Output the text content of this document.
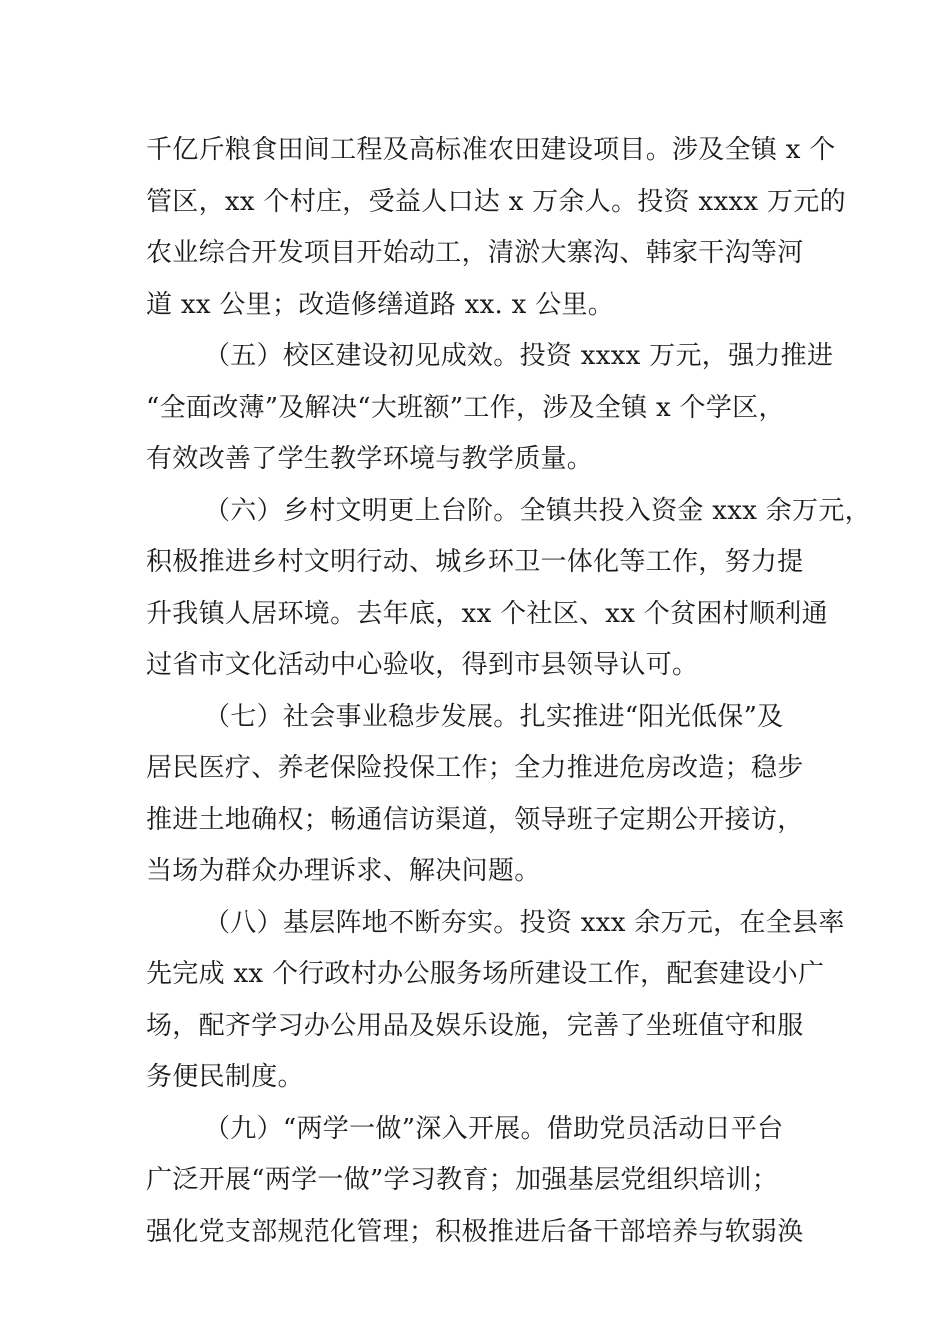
千亿斤粮食田间工程及高标准农田建设项目。涉及全镇 x 个
管区，xx 个村庄，受益人口达 x 万余人。投资 xxxx 万元的
农业综合开发项目开始动工，清淤大寨沟、韩家干沟等河
道 xx 公里；改造修缮道路 xx. x 公里。
（五）校区建设初见成效。投资 xxxx 万元，强力推进
“全面改薄”及解决“大班额”工作，涉及全镇 x 个学区，
有效改善了学生教学环境与教学质量。
（六）乡村文明更上台阶。全镇共投入资金 xxx 余万元，
积极推进乡村文明行动、城乡环卫一体化等工作，努力提
升我镇人居环境。去年底，xx 个社区、xx 个贫困村顺利通
过省市文化活动中心验收，得到市县领导认可。
（七）社会事业稳步发展。扎实推进“阳光低保”及
居民医疗、养老保险投保工作；全力推进危房改造；稳步
推进土地确权；畅通信访渠道，领导班子定期公开接访，
当场为群众办理诉求、解决问题。
（八）基层阵地不断夯实。投资 xxx 余万元，在全县率
先完成 xx 个行政村办公服务场所建设工作，配套建设小广
场，配齐学习办公用品及娱乐设施，完善了坐班值守和服
务便民制度。
（九）“两学一做”深入开展。借助党员活动日平台
广泛开展“两学一做”学习教育；加强基层党组织培训；
强化党支部规范化管理；积极推进后备干部培养与软弱涣
